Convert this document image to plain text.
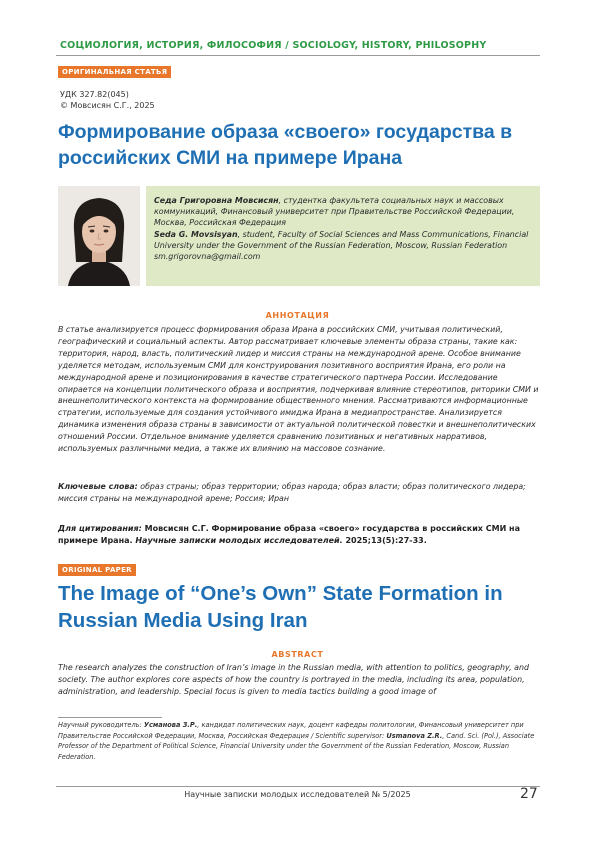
СОЦИОЛОГИЯ, ИСТОРИЯ, ФИЛОСОФИЯ / SOCIOLOGY, HISTORY, PHILOSOPHY
ОРИГИНАЛЬНАЯ СТАТЬЯ
УДК 327.82(045)
© Мовсисян С.Г., 2025
Формирование образа «своего» государства в российских СМИ на примере Ирана
Седа Григоровна Мовсисян, студентка факультета социальных наук и массовых коммуникаций, Финансовый университет при Правительстве Российской Федерации, Москва, Российская Федерация
Seda G. Movsisyan, student, Faculty of Social Sciences and Mass Communications, Financial University under the Government of the Russian Federation, Moscow, Russian Federation
sm.grigorovna@gmail.com
АННОТАЦИЯ
В статье анализируется процесс формирования образа Ирана в российских СМИ, учитывая политический, географический и социальный аспекты. Автор рассматривает ключевые элементы образа страны, такие как: территория, народ, власть, политический лидер и миссия страны на международной арене. Особое внимание уделяется методам, используемым СМИ для конструирования позитивного восприятия Ирана, его роли на международной арене и позиционирования в качестве стратегического партнера России. Исследование опирается на концепции политического образа и восприятия, подчеркивая влияние стереотипов, риторики СМИ и внешнеполитического контекста на формирование общественного мнения. Рассматриваются информационные стратегии, используемые для создания устойчивого имиджа Ирана в медиапространстве. Анализируется динамика изменения образа страны в зависимости от актуальной политической повестки и внешнеполитических отношений России. Отдельное внимание уделяется сравнению позитивных и негативных нарративов, используемых различными медиа, а также их влиянию на массовое сознание.
Ключевые слова: образ страны; образ территории; образ народа; образ власти; образ политического лидера; миссия страны на международной арене; Россия; Иран
Для цитирования: Мовсисян С.Г. Формирование образа «своего» государства в российских СМИ на примере Ирана. Научные записки молодых исследователей. 2025;13(5):27-33.
ORIGINAL PAPER
The Image of “One’s Own” State Formation in Russian Media Using Iran
ABSTRACT
The research analyzes the construction of Iran’s image in the Russian media, with attention to politics, geography, and society. The author explores core aspects of how the country is portrayed in the media, including its area, population, administration, and leadership. Special focus is given to media tactics building a good image of
Научный руководитель: Усманова З.Р., кандидат политических наук, доцент кафедры политологии, Финансовый университет при Правительстве Российской Федерации, Москва, Российская Федерация / Scientific supervisor: Usmanova Z.R., Cand. Sci. (Pol.), Associate Professor of the Department of Political Science, Financial University under the Government of the Russian Federation, Moscow, Russian Federation.
Научные записки молодых исследователей № 5/2025	27
